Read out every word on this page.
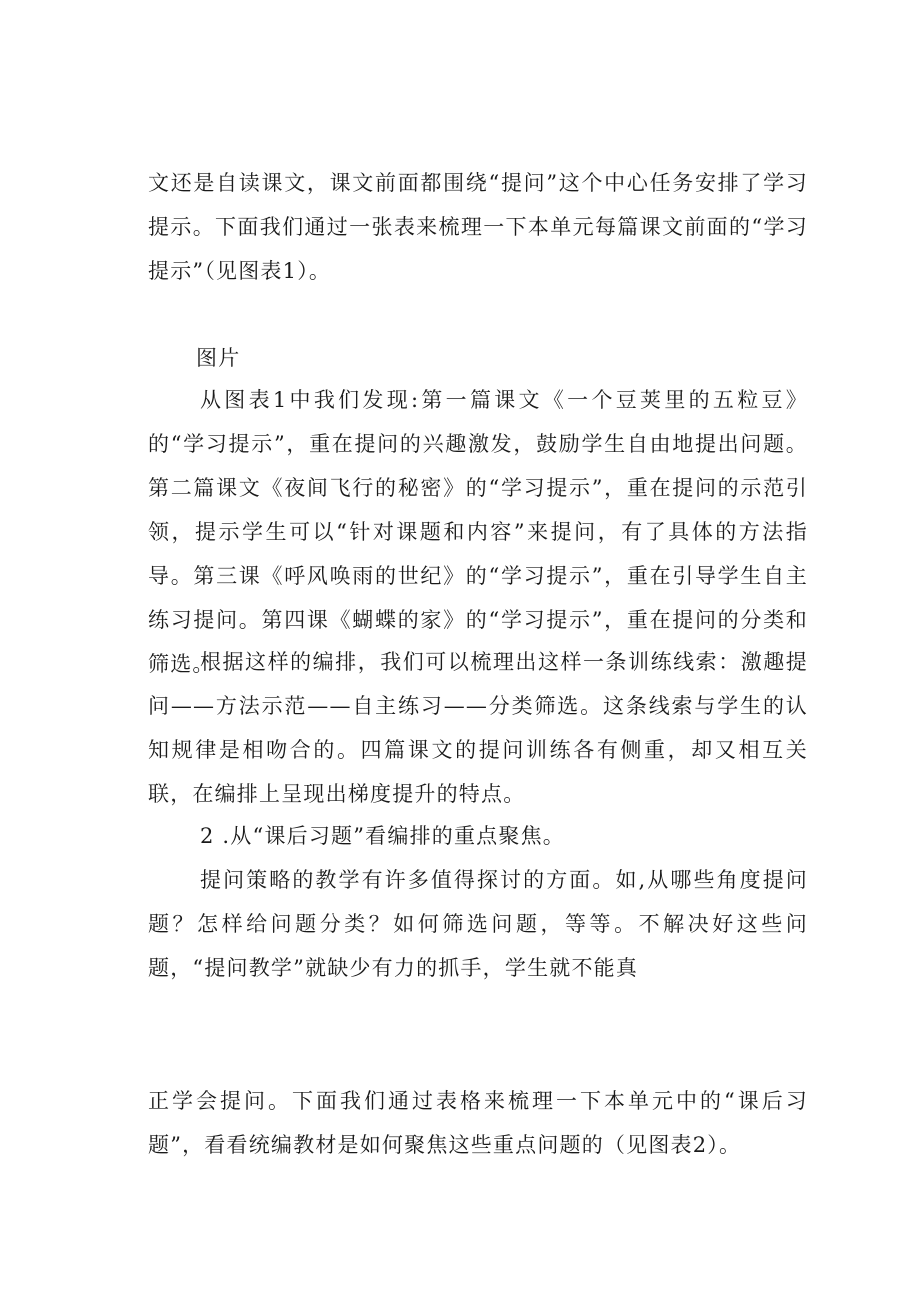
文还是自读课文，课文前面都围绕“提问”这个中心任务安排了学习提示。下面我们通过一张表来梳理一下本单元每篇课文前面的“学习提示”（见图表1）。

图片

从图表1中我们发现:第一篇课文《一个豆荚里的五粒豆》的“学习提示”，重在提问的兴趣激发，鼓励学生自由地提出问题。第二篇课文《夜间飞行的秘密》的“学习提示”，重在提问的示范引领，提示学生可以“针对课题和内容”来提问，有了具体的方法指导。第三课《呼风唤雨的世纪》的“学习提示”，重在引导学生自主练习提问。第四课《蝴蝶的家》的“学习提示”，重在提问的分类和筛选。

根据这样的编排，我们可以梳理出这样一条训练线索：激趣提问——方法示范——自主练习——分类筛选。这条线索与学生的认知规律是相吻合的。四篇课文的提问训练各有侧重，却又相互关联，在编排上呈现出梯度提升的特点。

2 .从“课后习题”看编排的重点聚焦。

提问策略的教学有许多值得探讨的方面。如,从哪些角度提问题？怎样给问题分类？如何筛选问题，等等。不解决好这些问题，“提问教学”就缺少有力的抓手，学生就不能真

正学会提问。下面我们通过表格来梳理一下本单元中的“课后习题”，看看统编教材是如何聚焦这些重点问题的（见图表2）。
